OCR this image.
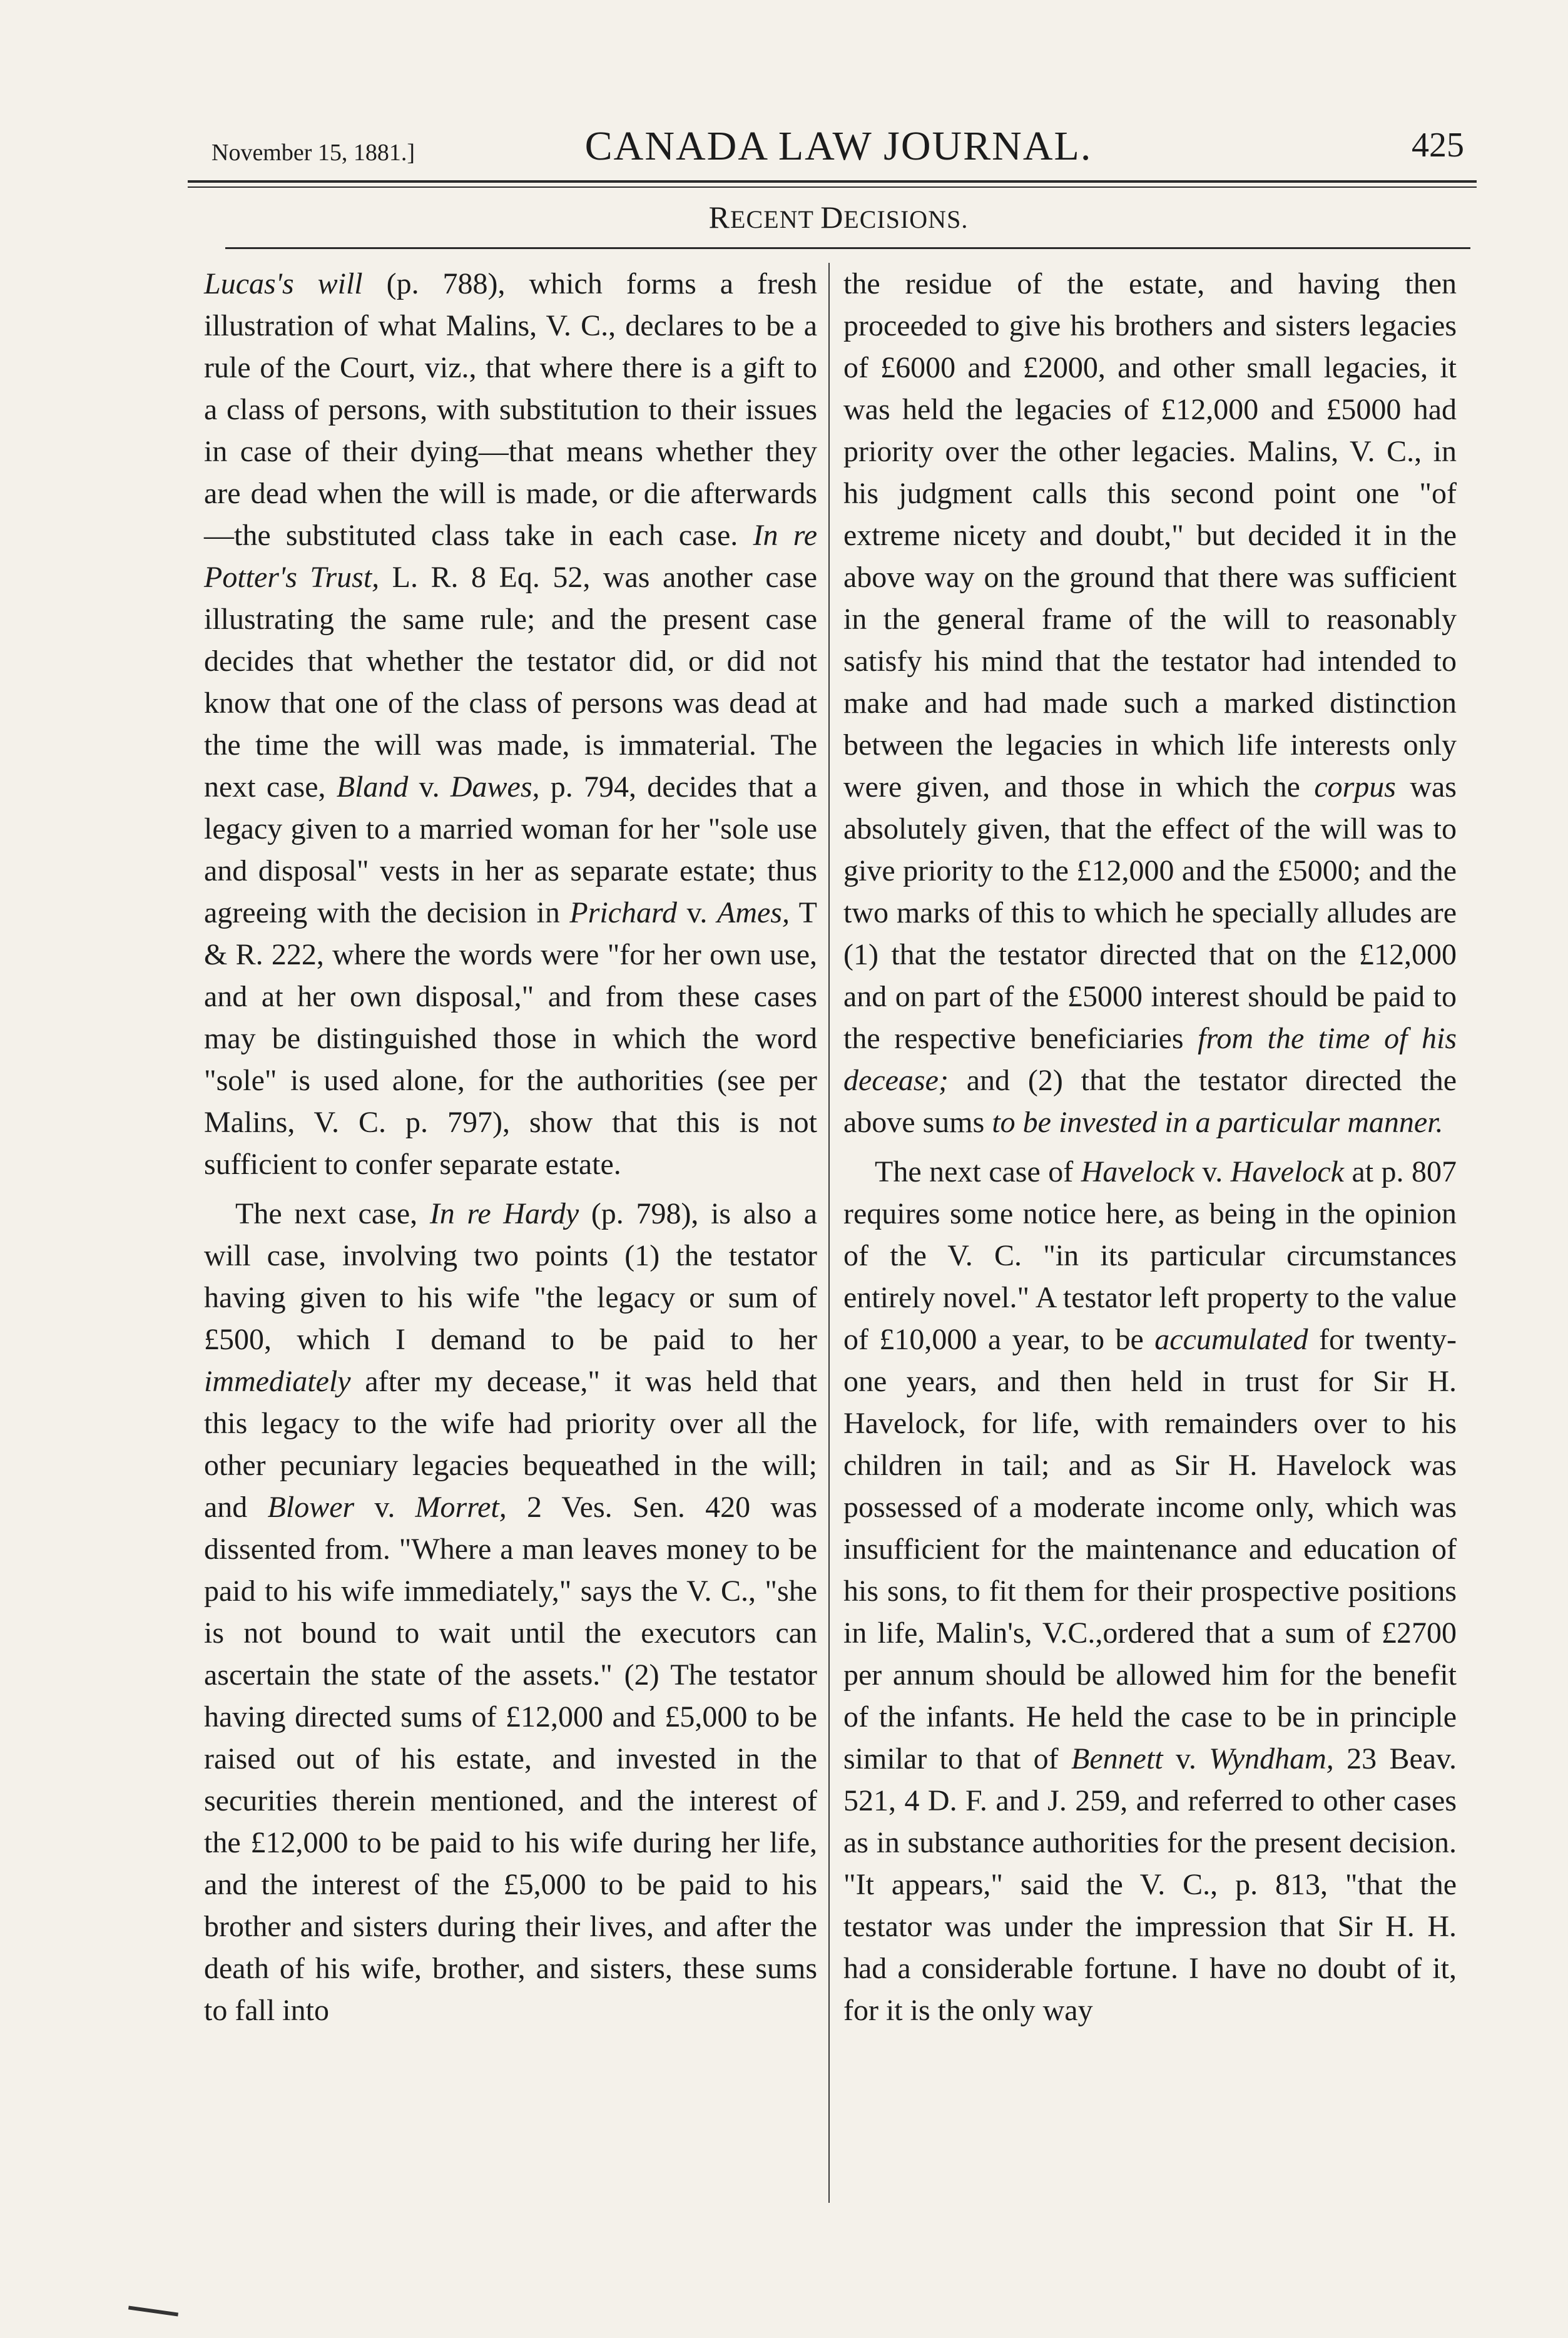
November 15, 1881.]	CANADA LAW JOURNAL.	425
RECENT DECISIONS.

Lucas's will (p. 788), which forms a fresh illustration of what Malins, V. C., declares to be a rule of the Court, viz., that where there is a gift to a class of persons, with substitution to their issues in case of their dying—that means whether they are dead when the will is made, or die afterwards—the substituted class take in each case. In re Potter's Trust, L. R. 8 Eq. 52, was another case illustrating the same rule; and the present case decides that whether the testator did, or did not know that one of the class of persons was dead at the time the will was made, is immaterial. The next case, Bland v. Dawes, p. 794, decides that a legacy given to a married woman for her "sole use and disposal" vests in her as separate estate; thus agreeing with the decision in Prichard v. Ames, T & R. 222, where the words were "for her own use, and at her own disposal," and from these cases may be distinguished those in which the word "sole" is used alone, for the authorities (see per Malins, V. C. p. 797), show that this is not sufficient to confer separate estate.

The next case, In re Hardy (p. 798), is also a will case, involving two points (1) the testator having given to his wife "the legacy or sum of £500, which I demand to be paid to her immediately after my decease," it was held that this legacy to the wife had priority over all the other pecuniary legacies bequeathed in the will; and Blower v. Morret, 2 Ves. Sen. 420 was dissented from. "Where a man leaves money to be paid to his wife immediately," says the V. C., "she is not bound to wait until the executors can ascertain the state of the assets." (2) The testator having directed sums of £12,000 and £5,000 to be raised out of his estate, and invested in the securities therein mentioned, and the interest of the £12,000 to be paid to his wife during her life, and the interest of the £5,000 to be paid to his brother and sisters during their lives, and after the death of his wife, brother, and sisters, these sums to fall into

the residue of the estate, and having then proceeded to give his brothers and sisters legacies of £6000 and £2000, and other small legacies, it was held the legacies of £12,000 and £5000 had priority over the other legacies. Malins, V. C., in his judgment calls this second point one "of extreme nicety and doubt," but decided it in the above way on the ground that there was sufficient in the general frame of the will to reasonably satisfy his mind that the testator had intended to make and had made such a marked distinction between the legacies in which life interests only were given, and those in which the corpus was absolutely given, that the effect of the will was to give priority to the £12,000 and the £5000; and the two marks of this to which he specially alludes are (1) that the testator directed that on the £12,000 and on part of the £5000 interest should be paid to the respective beneficiaries from the time of his decease; and (2) that the testator directed the above sums to be invested in a particular manner.

The next case of Havelock v. Havelock at p. 807 requires some notice here, as being in the opinion of the V. C. "in its particular circumstances entirely novel." A testator left property to the value of £10,000 a year, to be accumulated for twenty-one years, and then held in trust for Sir H. Havelock, for life, with remainders over to his children in tail; and as Sir H. Havelock was possessed of a moderate income only, which was insufficient for the maintenance and education of his sons, to fit them for their prospective positions in life, Malin's, V.C.,ordered that a sum of £2700 per annum should be allowed him for the benefit of the infants. He held the case to be in principle similar to that of Bennett v. Wyndham, 23 Beav. 521, 4 D. F. and J. 259, and referred to other cases as in substance authorities for the present decision. "It appears," said the V. C., p. 813, "that the testator was under the impression that Sir H. H. had a considerable fortune. I have no doubt of it, for it is the only way
